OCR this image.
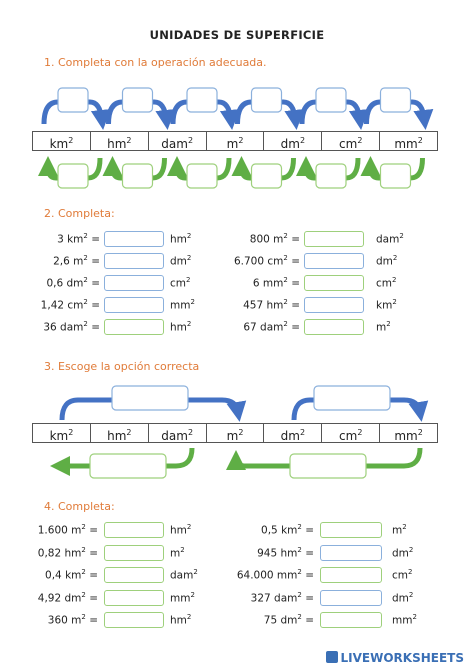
UNIDADES DE SUPERFICIE
1. Completa con la operación adecuada.
$km^2$	$hm^2$	dam$^2$	$m^2$	$dm^2$	$cm^2$	$mm^2$
2. Completa:
3 $km^2$ =	$hm^2$
2,6 $m^2$ =	$dm^2$
0,6 $dm^2$ =	$cm^2$
1,42 $cm^2$ =	$mm^2$
36 dam$^2$ =	$hm^2$
800 $m^2$ =	dam$^2$
6.700 $cm^2$ =	$dm^2$
6 $mm^2$ =	$cm^2$
457 $hm^2$ =	$km^2$
67 dam$^2$ =	$m^2$
3. Escoge la opción correcta
$km^2$	$hm^2$	dam$^2$	$m^2$	$dm^2$	$cm^2$	$mm^2$
4. Completa:
1.600 $m^2$ =	$hm^2$
0,82 $hm^2$ =	$m^2$
0,4 $km^2$ =	dam$^2$
4,92 $dm^2$ =	$mm^2$
360 $m^2$ =	$hm^2$
0,5 $km^2$ =	$m^2$
945 $hm^2$ =	$dm^2$
64.000 $mm^2$ =	$cm^2$
327 dam$^2$ =	$dm^2$
75 $dm^2$ =	$mm^2$
LIVEWORKSHEETS
